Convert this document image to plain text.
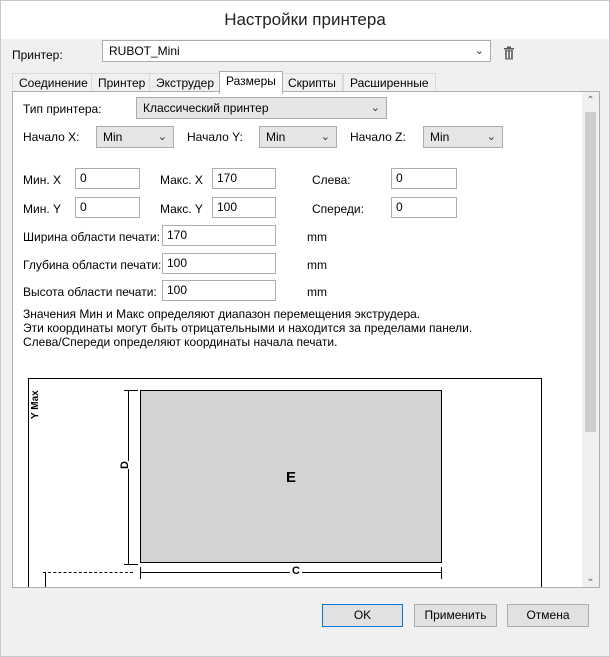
Настройки принтера
Принтер:	RUBOT_Mini	⌄
Соединение Принтер Экструдер	Размеры	Скрипты	Расширенные
Тип принтера:	Классический принтер	⌄
Начало X:	Min	⌄ Начало Y:	Min	⌄ Начало Z:	Min	⌄
Мин. X	0	Макс. X	170	Слева:	0
Мин. Y	0	Макс. Y	100	Спереди:	0
Ширина области печати: 170	mm
Глубина области печати: 100	mm
Высота области печати: 100	mm
Значения Мин и Макс определяют диапазон перемещения экструдера.
Эти координаты могут быть отрицательными и находится за пределами панели.
Слева/Спереди определяют координаты начала печати.
Y Max
E
D
C
⌃
⌄
OK	Применить	Отмена
